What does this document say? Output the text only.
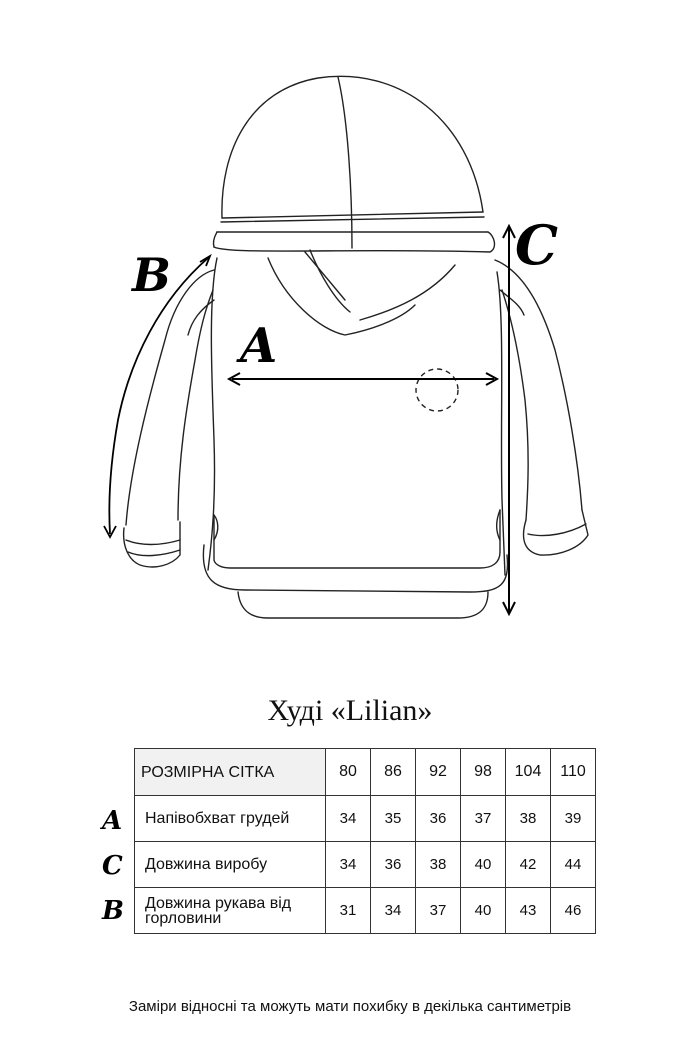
A
B	C
Худі «Lilian»
РОЗМІРНА СІТКА	80	86	92	98	104	110
Напівобхват грудей	34	35	36	37	38	39
Довжина виробу	34	36	38	40	42	44
Довжина рукава від горловини	31	34	37	40	43	46
A
C
B
Заміри відносні та можуть мати похибку в декілька сантиметрів
